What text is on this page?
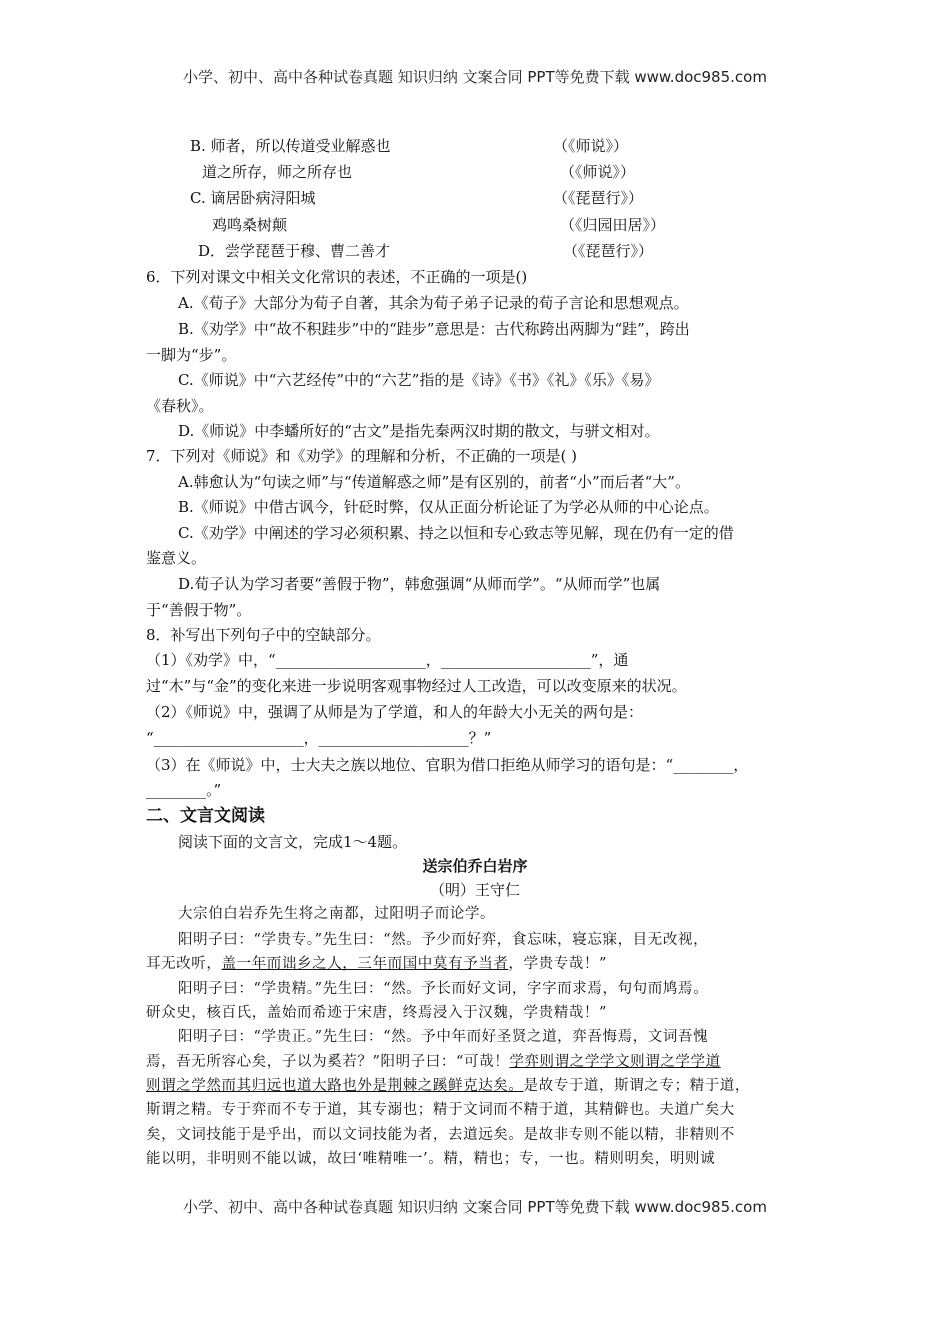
小学、初中、高中各种试卷真题 知识归纳 文案合同 PPT等免费下载 www.doc985.com
小学、初中、高中各种试卷真题 知识归纳 文案合同 PPT等免费下载 www.doc985.com
B. 师者，所以传道受业解惑也	（《师说》）
道之所存，师之所存也	（《师说》）
C. 谪居卧病浔阳城	（《琵琶行》）
鸡鸣桑树颠	（《归园田居》）
D．尝学琵琶于穆、曹二善才	（《琵琶行》）
6．下列对课文中相关文化常识的表述，不正确的一项是()
A.《荀子》大部分为荀子自著，其余为荀子弟子记录的荀子言论和思想观点。
B.《劝学》中“故不积跬步”中的“跬步”意思是：古代称跨出两脚为“跬”，跨出
一脚为“步”。
C.《师说》中“六艺经传”中的“六艺”指的是《诗》《书》《礼》《乐》《易》
《春秋》。
D.《师说》中李蟠所好的“古文”是指先秦两汉时期的散文，与骈文相对。
7．下列对《师说》和《劝学》的理解和分析，不正确的一项是( )
A.韩愈认为“句读之师”与“传道解惑之师”是有区别的，前者“小”而后者“大”。
B.《师说》中借古讽今，针砭时弊，仅从正面分析论证了为学必从师的中心论点。
C.《劝学》中阐述的学习必须积累、持之以恒和专心致志等见解，现在仍有一定的借
鉴意义。
D.荀子认为学习者要“善假于物”，韩愈强调“从师而学”。“从师而学”也属
于“善假于物”。
8．补写出下列句子中的空缺部分。
（1）《劝学》中，“____________________，____________________”，通
过“木”与“金”的变化来进一步说明客观事物经过人工改造，可以改变原来的状况。
（2）《师说》中，强调了从师是为了学道，和人的年龄大小无关的两句是：
“____________________，____________________？”
（3）在《师说》中，士大夫之族以地位、官职为借口拒绝从师学习的语句是：“________，
________。”
二、文言文阅读
阅读下面的文言文，完成1～4题。
送宗伯乔白岩序
（明）王守仁
大宗伯白岩乔先生将之南都，过阳明子而论学。
阳明子曰：“学贵专。”先生曰：“然。予少而好弈，食忘味，寝忘寐，目无改视，
耳无改听，盖一年而诎乡之人，三年而国中莫有予当者，学贵专哉！”
阳明子曰：“学贵精。”先生曰：“然。予长而好文词，字字而求焉，句句而鸠焉。
研众史，核百氏，盖始而希迹于宋唐，终焉浸入于汉魏，学贵精哉！”
阳明子曰：“学贵正。”先生曰：“然。予中年而好圣贤之道，弈吾悔焉，文词吾愧
焉，吾无所容心矣，子以为奚若？”阳明子曰：“可哉！学弈则谓之学学文则谓之学学道
则谓之学然而其归远也道大路也外是荆棘之蹊鲜克达矣。是故专于道，斯谓之专；精于道，
斯谓之精。专于弈而不专于道，其专溺也；精于文词而不精于道，其精僻也。夫道广矣大
矣，文词技能于是乎出，而以文词技能为者，去道远矣。是故非专则不能以精，非精则不
能以明，非明则不能以诚，故曰‘唯精唯一’。精，精也；专，一也。精则明矣，明则诚
